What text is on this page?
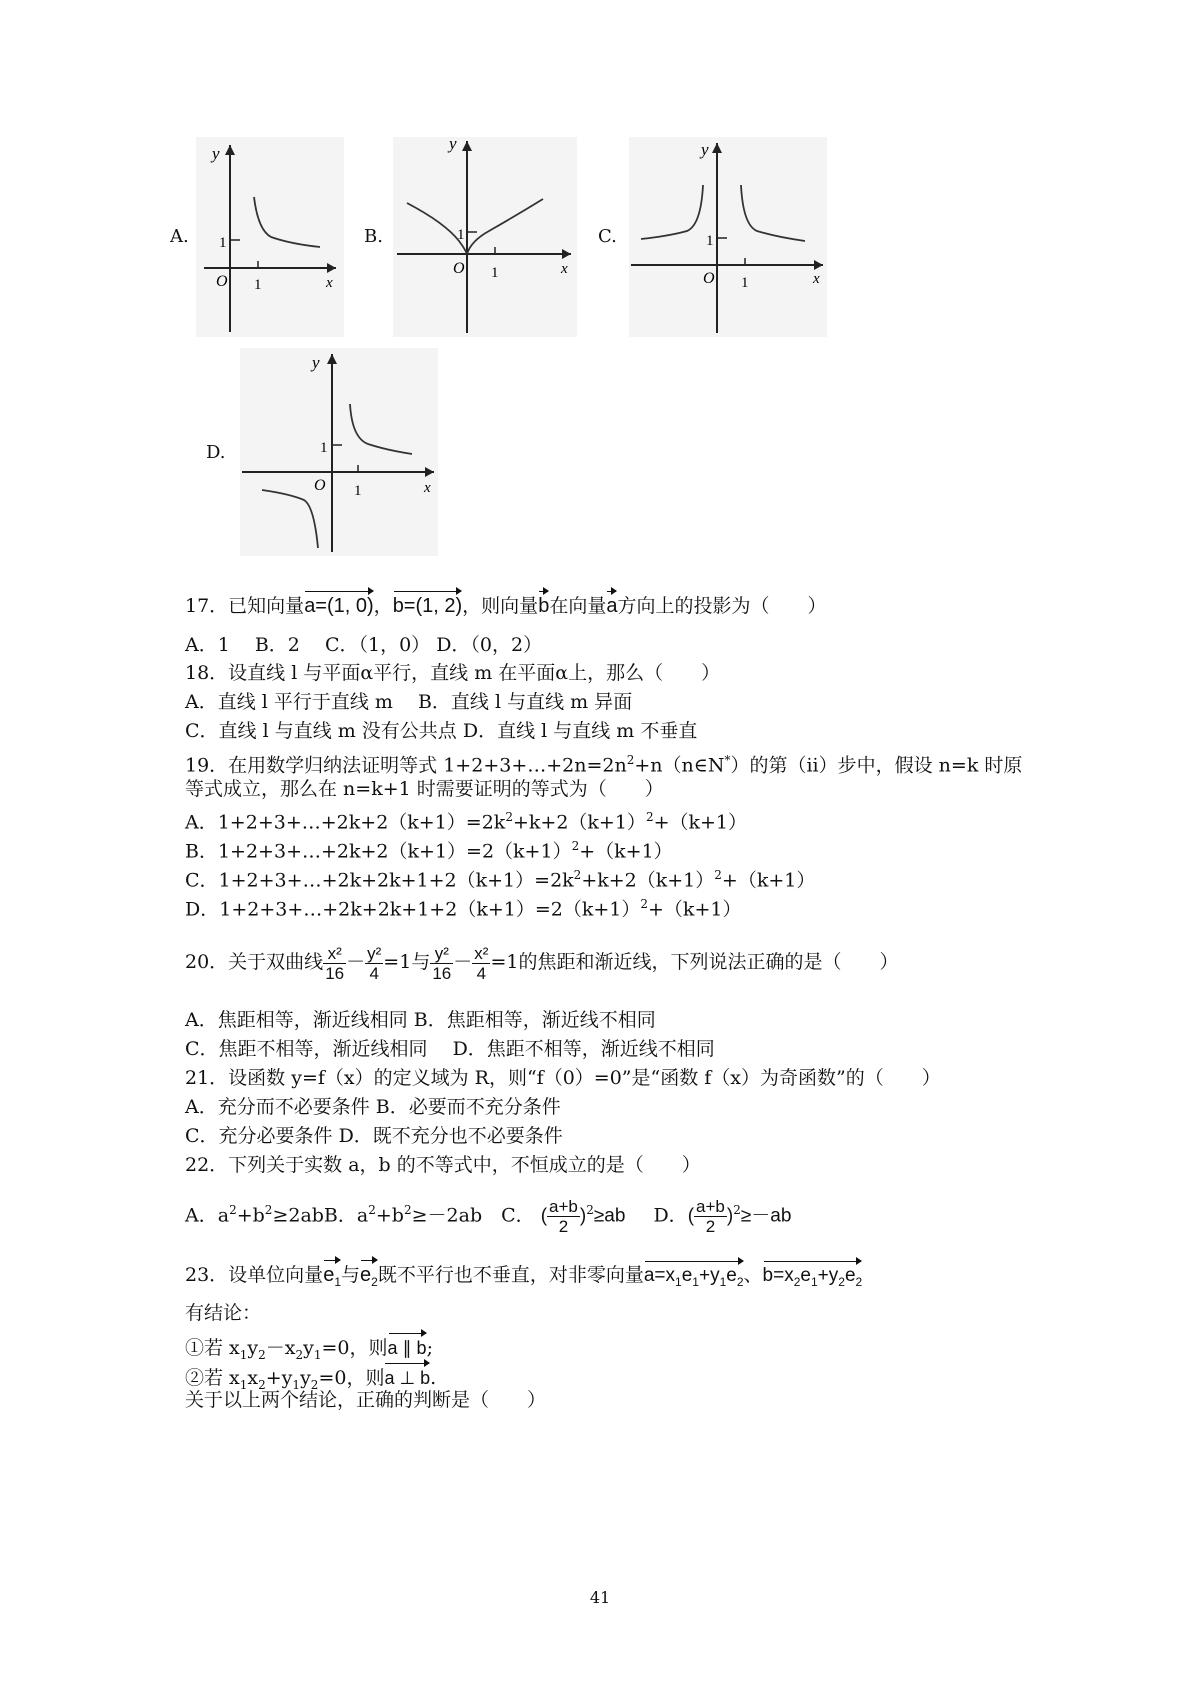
A.	B.	C.
D.
y
x
O
1
1
y
x
O
1
1
y
x
O
1
1
y
x
O
1
1
17．已知向量a=(1, 0)，b=(1, 2)，则向量b在向量a方向上的投影为（　　）
A．1　 B．2　 C．（1，0） D．（0，2）
18．设直线 l 与平面α平行，直线 m 在平面α上，那么（　　）
A．直线 l 平行于直线 m　 B．直线 l 与直线 m 异面
C．直线 l 与直线 m 没有公共点 D．直线 l 与直线 m 不垂直
19．在用数学归纳法证明等式 $1+2+3+\dots+2n=2n^2+n(n\in N^*)$的第（ii）步中，假设 n=k 时原
等式成立，那么在 n=k+1 时需要证明的等式为（　　）
A．$1+2+3+\dots+2k+2(k+1)=2k^2+k+2(k+1)^2+(k+1)$
B．$1+2+3+\dots+2k+2(k+1)=2(k+1)^2+(k+1)$
C．$1+2+3+\dots+2k+2k+1+2(k+1)=2k^2+k+2(k+1)^2+(k+1)$
D．$1+2+3+\dots+2k+2k+1+2(k+1)=2(k+1)^2+(k+1)$
20．关于双曲线 $\frac{\text{x²}}{16} - \frac{\text{y²}}{4} =1$与 $\frac{\text{y²}}{16} - \frac{\text{x²}}{4} =1$的焦距和渐近线，下列说法正确的是（　　）
A．焦距相等，渐近线相同 B．焦距相等，渐近线不相同
C．焦距不相等，渐近线相同　 D．焦距不相等，渐近线不相同
21．设函数 y=f（x）的定义域为 R，则“f（0）=0”是“函数 f（x）为奇函数”的（　　）
A．充分而不必要条件 B．必要而不充分条件
C．充分必要条件 D．既不充分也不必要条件
22．下列关于实数 a，b 的不等式中，不恒成立的是（　　）
A．$a^2+b^2\ge 2abB$．$a^2+b^2\ge-2ab$　C． ( $\frac{a+b}{2} )^2\ge ab$ D．( $\frac{a+b}{2} )^2\ge-ab$
23．设单位向量$e_1$与$e_2$既不平行也不垂直，对非零向量$a=x_1e_1+y_1e_2$、$b=x_2e_1+y_2e_2$
有结论：
①若 $x_1y_2-x_2y_1=0$，则a ∥ b;
②若 $x_1x_2+y_1y_2=0$，则a ⊥ b.
关于以上两个结论，正确的判断是（　　）
41
